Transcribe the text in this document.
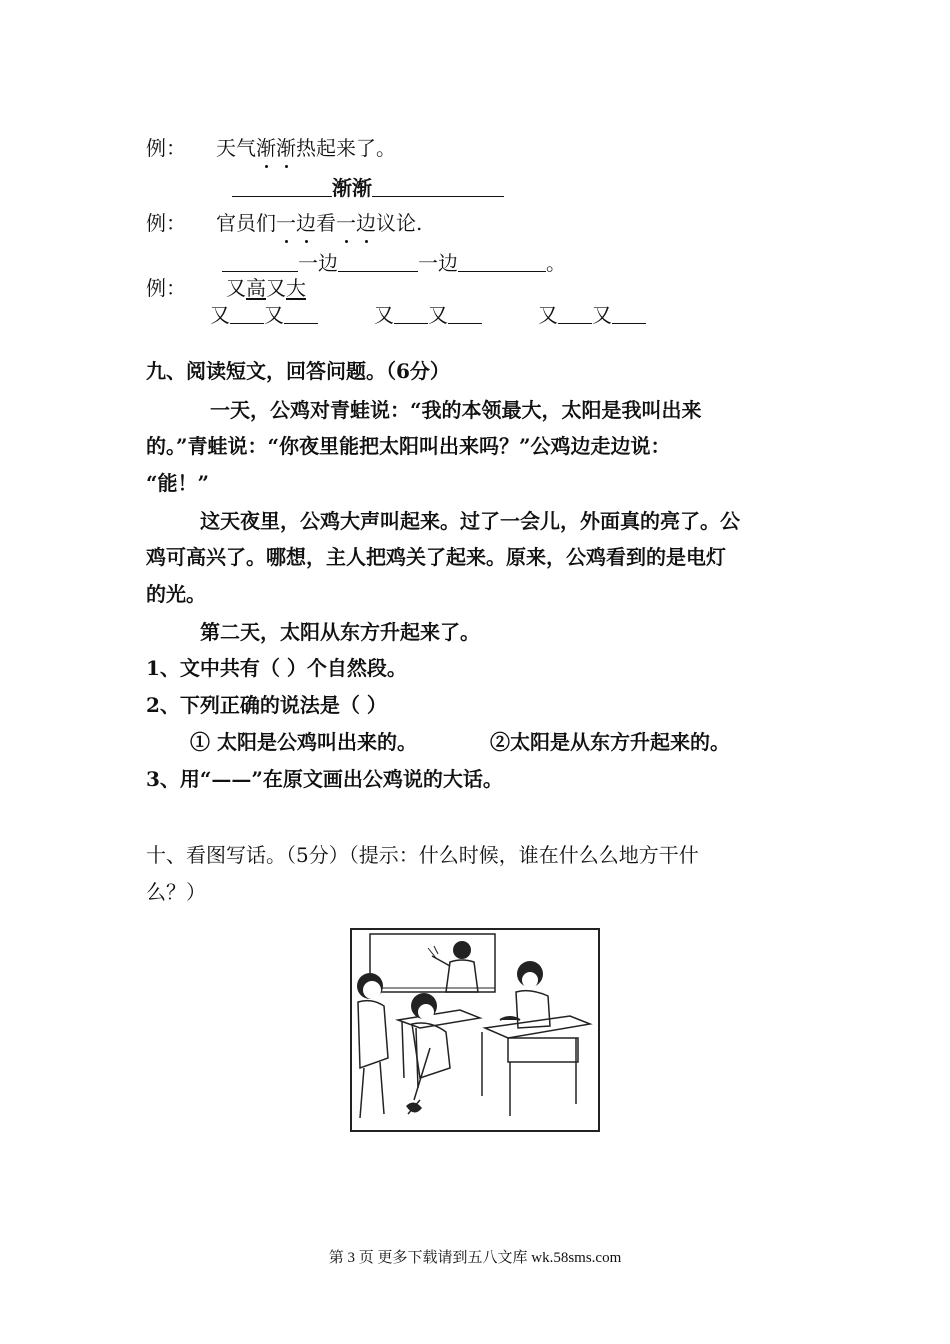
例： 天气渐渐热起来了。
渐渐
例： 官员们一边看一边议论.
一边	一边	。
例： 又高又大
又 又	又 又	又 又
九、阅读短文，回答问题。（6分）
一天，公鸡对青蛙说：“我的本领最大，太阳是我叫出来
的。”青蛙说：“你夜里能把太阳叫出来吗？”公鸡边走边说：
“能！”
这天夜里，公鸡大声叫起来。过了一会儿，外面真的亮了。公
鸡可高兴了。哪想，主人把鸡关了起来。原来，公鸡看到的是电灯
的光。
第二天，太阳从东方升起来了。
1、文中共有（ ）个自然段。
2、下列正确的说法是（ ）
① 太阳是公鸡叫出来的。	②太阳是从东方升起来的。
3、用“——”在原文画出公鸡说的大话。
十、看图写话。（5分）（提示：什么时候，谁在什么么地方干什
么？）
第 3 页 更多下载请到五八文库 wk.58sms.com
